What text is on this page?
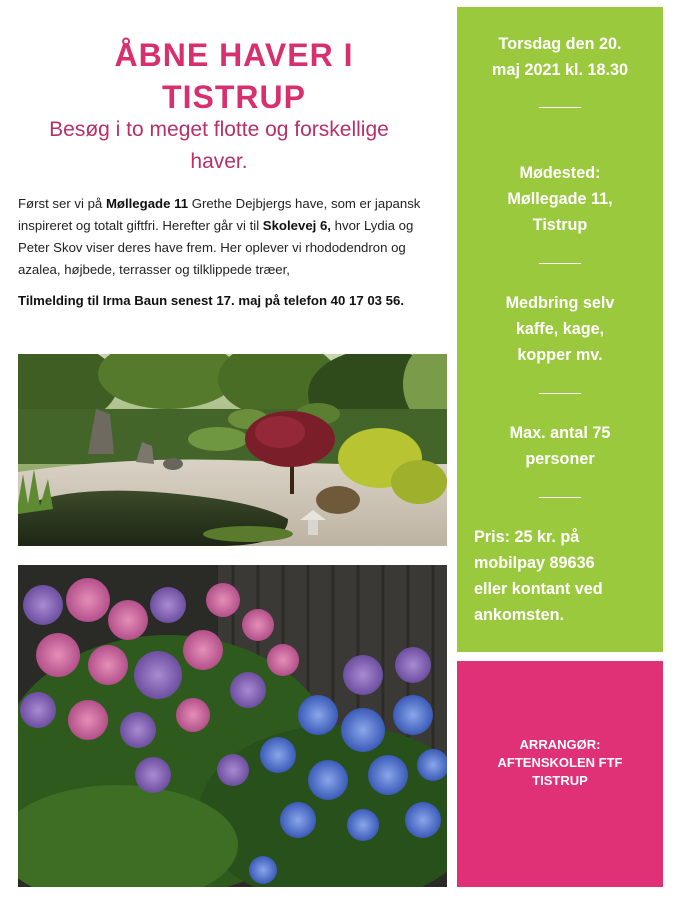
ÅBNE HAVER I
TISTRUP

Besøg i to meget flotte og forskellige
haver.

Først ser vi på Møllegade 11 Grethe Dejbjergs have, som er japansk inspireret og totalt giftfri. Herefter går vi til Skolevej 6, hvor Lydia og Peter Skov viser deres have frem. Her oplever vi rhododendron og azalea, højbede, terrasser og tilklippede træer,

Tilmelding til Irma Baun senest 17. maj på telefon 40 17 03 56.

Torsdag den 20.
maj 2021 kl. 18.30
Mødested:
Møllegade 11,
Tistrup
Medbring selv
kaffe, kage,
kopper mv.
Max. antal 75
personer
Pris: 25 kr. på
mobilpay 89636
eller kontant ved
ankomsten.
ARRANGØR:
AFTENSKOLEN FTF
TISTRUP
